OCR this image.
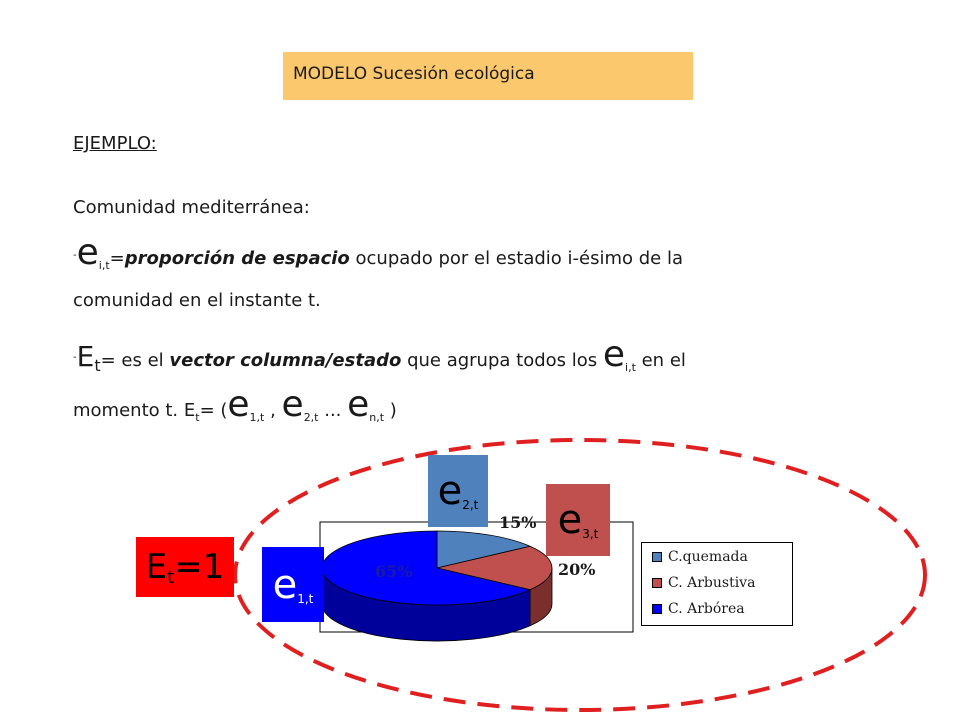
MODELO Sucesión ecológica
EJEMPLO:
Comunidad mediterránea:
$^-e_{i,t}=proporción$ de espacio ocupado por el estadio i-ésimo de la
comunidad en el instante t.
-Et= es el vector columna/estado que agrupa todos los $e_{i,t}$ en el
momento t. $E_t= (e_{1,t}$ , $e_{2,t}$ ... $e_{n,t}$ )
15%
20%
65%
C.quemada
C. Arbustiva
C. Arbórea
e 2,t e 3,t
e 1,t
E t =1
